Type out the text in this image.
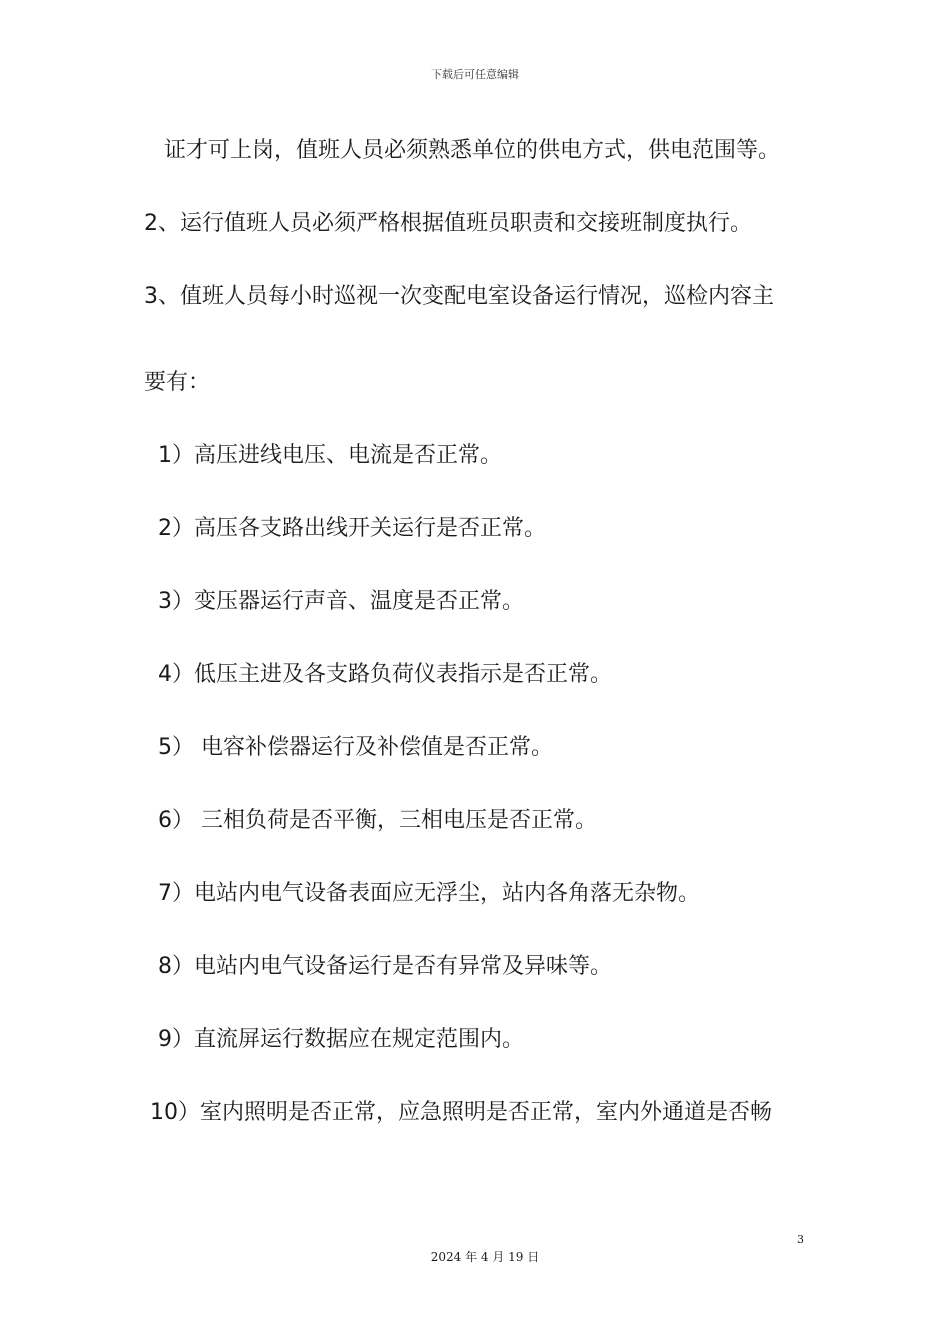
下载后可任意编辑
证才可上岗，值班人员必须熟悉单位的供电方式，供电范围等。
2、运行值班人员必须严格根据值班员职责和交接班制度执行。
3、值班人员每小时巡视一次变配电室设备运行情况，巡检内容主
要有：
1）高压进线电压、电流是否正常。
2）高压各支路出线开关运行是否正常。
3）变压器运行声音、温度是否正常。
4）低压主进及各支路负荷仪表指示是否正常。
5） 电容补偿器运行及补偿值是否正常。
6） 三相负荷是否平衡，三相电压是否正常。
7）电站内电气设备表面应无浮尘，站内各角落无杂物。
8）电站内电气设备运行是否有异常及异味等。
9）直流屏运行数据应在规定范围内。
10）室内照明是否正常，应急照明是否正常，室内外通道是否畅
3
2024 年 4 月 19 日
